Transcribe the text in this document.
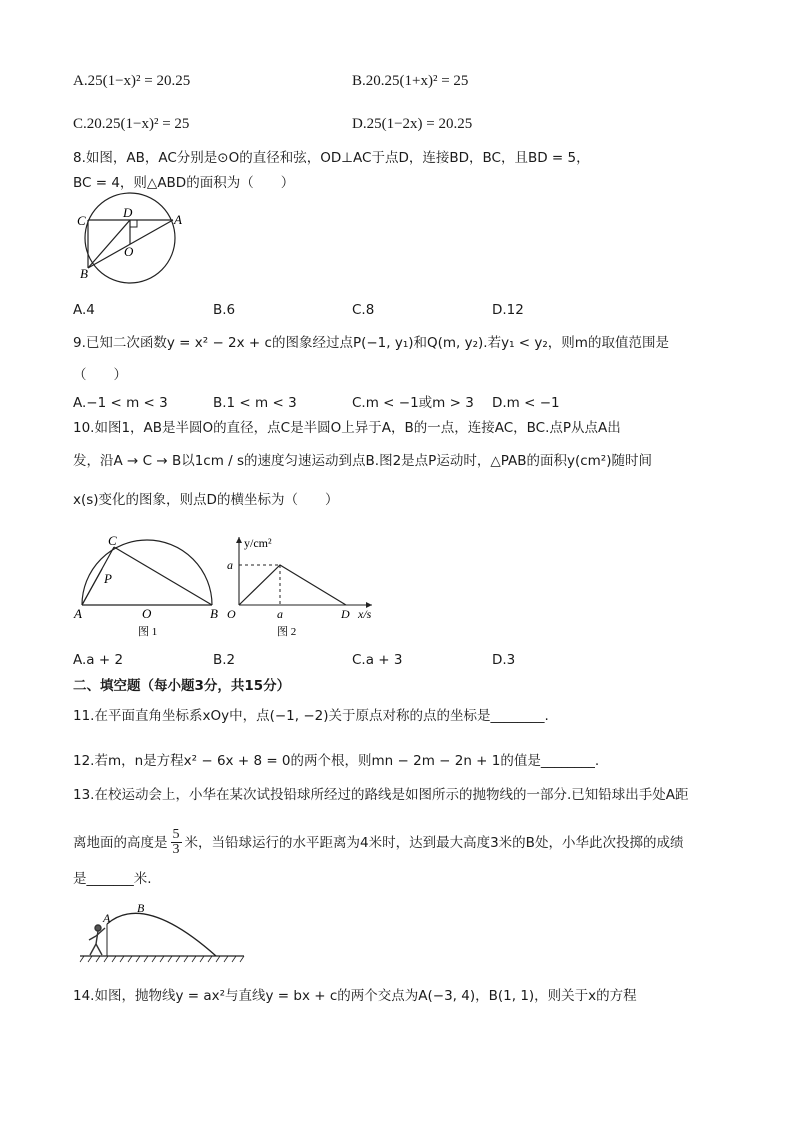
A.25(1−x)² = 20.25	B.20.25(1+x)² = 25
C.20.25(1−x)² = 25	D.25(1−2x) = 20.25
8.如图，AB，AC分别是⊙O的直径和弦，OD⊥AC于点D，连接BD，BC，且BD = 5，
BC = 4，则△ABD的面积为（　　）
C
D	A
O
B
A.4	B.6	C.8	D.12
9.已知二次函数y = x² − 2x + c的图象经过点P(−1, y₁)和Q(m, y₂).若y₁ < y₂，则m的取值范围是
（　　）
A.−1 < m < 3	B.1 < m < 3	C.m < −1或m > 3 D.m < −1
10.如图1，AB是半圆O的直径，点C是半圆O上异于A，B的一点，连接AC，BC.点P从点A出
发，沿A → C → B以1cm / s的速度匀速运动到点B.图2是点P运动时，△PAB的面积y(cm²)随时间
x(s)变化的图象，则点D的横坐标为（　　）
C
P
A	O	B
图 1
y/cm²
a
O	a	D x/s
图 2
A.a + 2	B.2	C.a + 3	D.3
二、填空题（每小题3分，共15分）
11.在平面直角坐标系xOy中，点(−1, −2)关于原点对称的点的坐标是________.
12.若m，n是方程x² − 6x + 8 = 0的两个根，则mn − 2m − 2n + 1的值是________.
13.在校运动会上，小华在某次试投铅球所经过的路线是如图所示的抛物线的一部分.已知铅球出手处A距
离地面的高度是 $\frac{5}{3}$ 米，当铅球运行的水平距离为4米时，达到最大高度3米的B处，小华此次投掷的成绩
是_______米.
A
B
14.如图，抛物线y = ax²与直线y = bx + c的两个交点为A(−3, 4)，B(1, 1)，则关于x的方程
